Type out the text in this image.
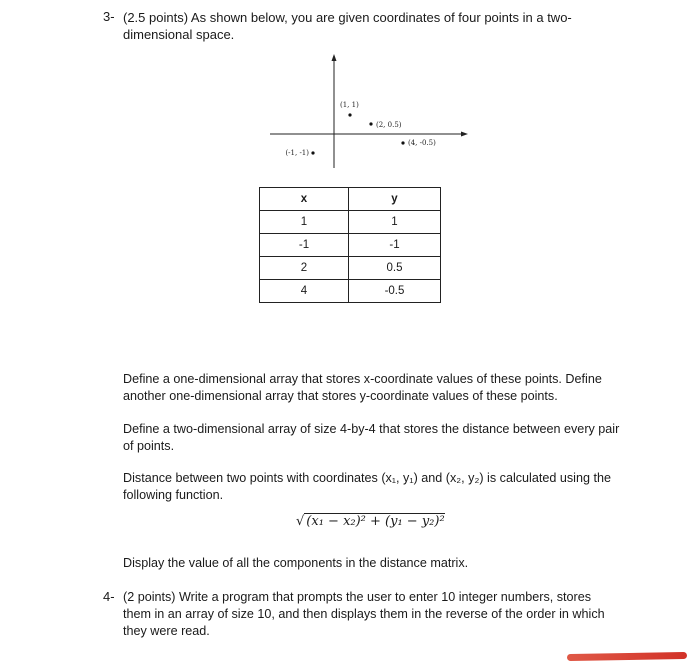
3- (2.5 points) As shown below, you are given coordinates of four points in a two-
dimensional space.
(1, 1)
(2, 0.5)
(4, -0.5)
(-1, -1)
x	y
1	1
-1	-1
2	0.5
4	-0.5
Define a one-dimensional array that stores x-coordinate values of these points. Define another one-dimensional array that stores y-coordinate values of these points.
Define a two-dimensional array of size 4-by-4 that stores the distance between every pair of points.
Distance between two points with coordinates (x₁, y₁) and (x₂, y₂) is calculated using the following function.
√ (x₁ − x₂)² + (y₁ − y₂)²
Display the value of all the components in the distance matrix.
4- (2 points) Write a program that prompts the user to enter 10 integer numbers, stores them in an array of size 10, and then displays them in the reverse of the order in which they were read.
